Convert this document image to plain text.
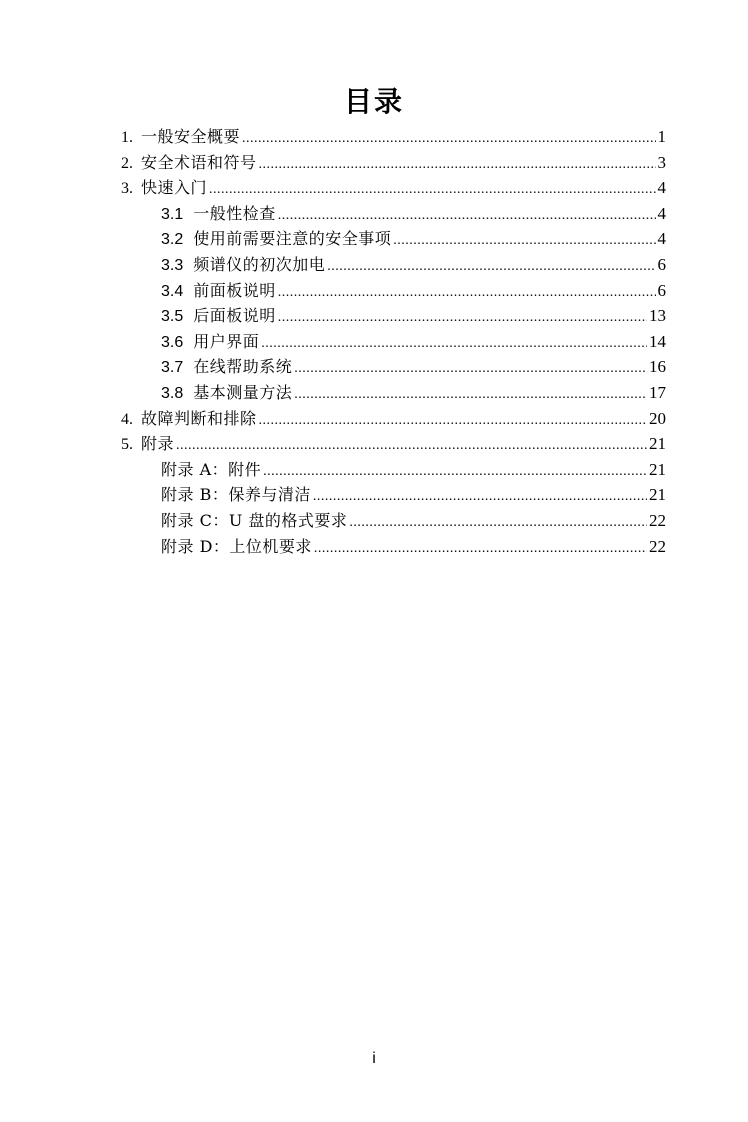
目录
1. 一般安全概要 .....	1
2. 安全术语和符号 .....	3
3. 快速入门 .....	4
3.1 一般性检查 .....	4
3.2 使用前需要注意的安全事项 .....	4
3.3 频谱仪的初次加电 .....	6
3.4 前面板说明 .....	6
3.5 后面板说明 .....	13
3.6 用户界面 .....	14
3.7 在线帮助系统 .....	16
3.8 基本测量方法 .....	17
4. 故障判断和排除 .....	20
5. 附录 .....	21
附录 A：附件 .....	21
附录 B：保养与清洁 .....	21
附录 C：U 盘的格式要求 .....	22
附录 D：上位机要求 .....	22
i
